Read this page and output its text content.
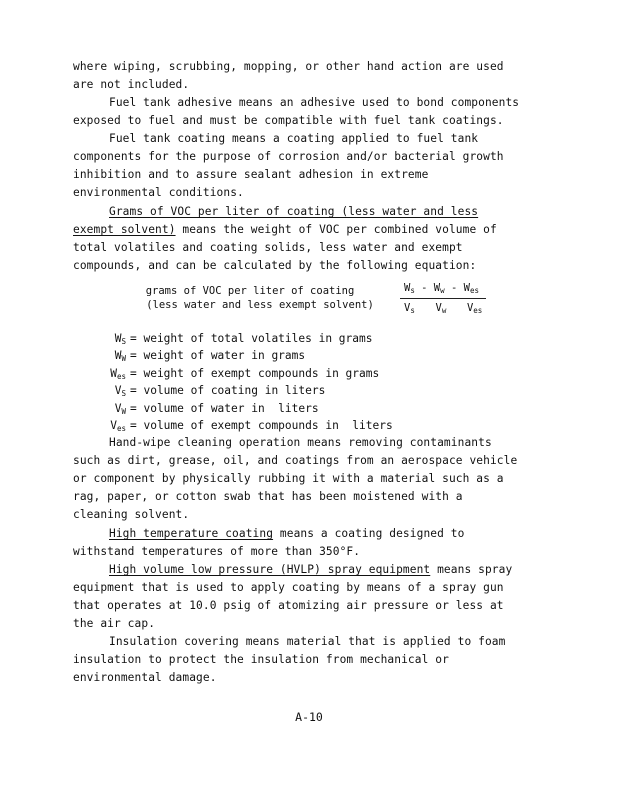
where wiping, scrubbing, mopping, or other hand action are used
are not included.
Fuel tank adhesive means an adhesive used to bond components
exposed to fuel and must be compatible with fuel tank coatings.
Fuel tank coating means a coating applied to fuel tank
components for the purpose of corrosion and/or bacterial growth
inhibition and to assure sealant adhesion in extreme
environmental conditions.
Grams of VOC per liter of coating (less water and less
exempt solvent) means the weight of VOC per combined volume of
total volatiles and coating solids, less water and exempt
compounds, and can be calculated by the following equation:
grams of VOC per liter of coating
(less water and less exempt solvent)
$W_s - W_w - W_{es}$
$V_s$  $V_w$  $V_{es}$
$W_S$ = weight of total volatiles in grams
$W_W$ = weight of water in grams
$W_{es}$ = weight of exempt compounds in grams
$V_S$ = volume of coating in liters
$V_W$ = volume of water in  liters
$V_{es}$ = volume of exempt compounds in  liters
Hand-wipe cleaning operation means removing contaminants
such as dirt, grease, oil, and coatings from an aerospace vehicle
or component by physically rubbing it with a material such as a
rag, paper, or cotton swab that has been moistened with a
cleaning solvent.
High temperature coating means a coating designed to
withstand temperatures of more than 350°F.
High volume low pressure (HVLP) spray equipment means spray
equipment that is used to apply coating by means of a spray gun
that operates at 10.0 psig of atomizing air pressure or less at
the air cap.
Insulation covering means material that is applied to foam
insulation to protect the insulation from mechanical or
environmental damage.
A-10
